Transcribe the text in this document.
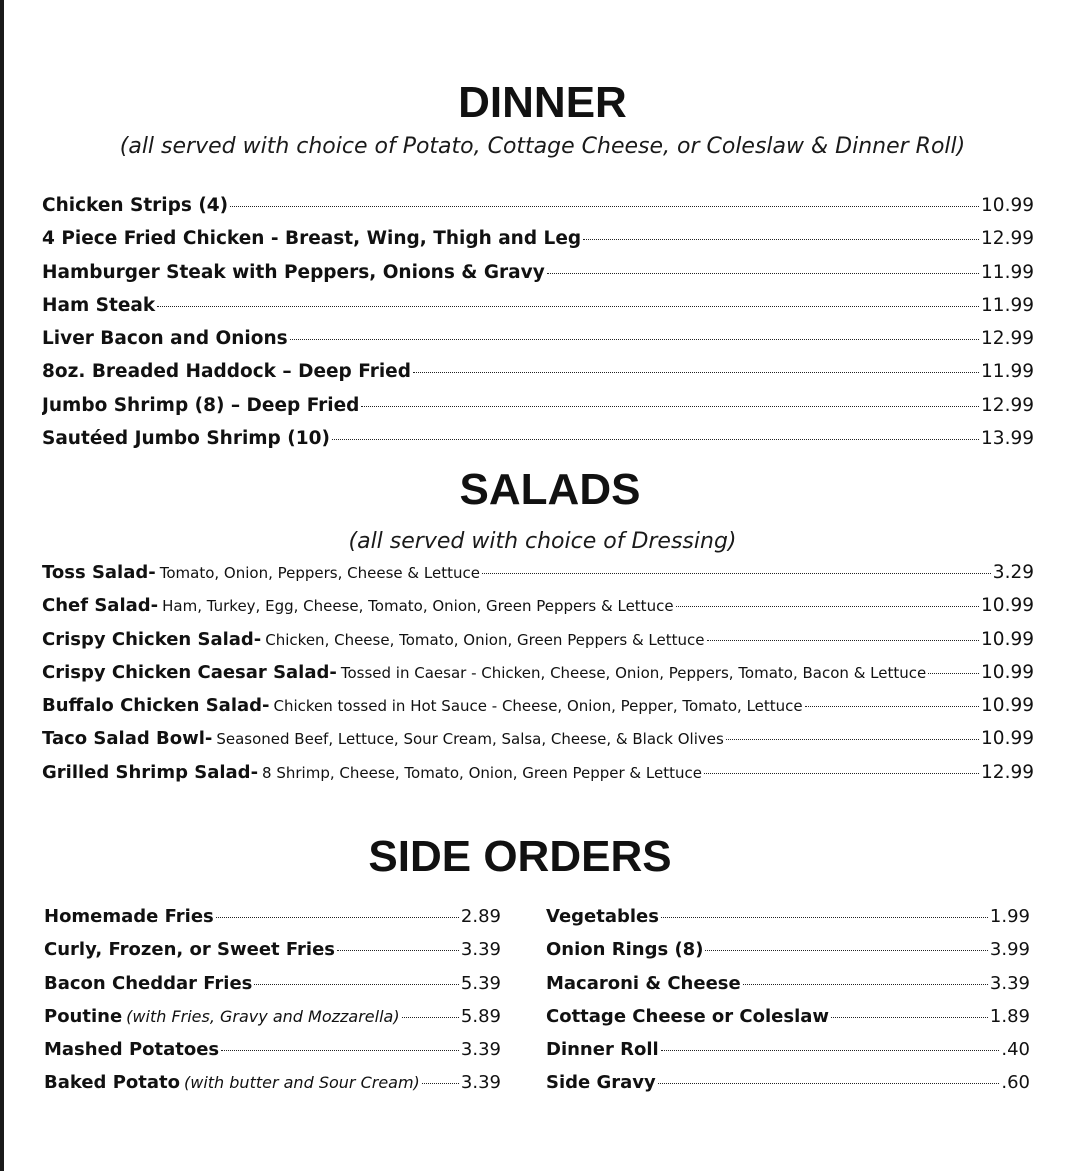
DINNER

(all served with choice of Potato, Cottage Cheese, or Coleslaw & Dinner Roll)

Chicken Strips (4)	10.99
4 Piece Fried Chicken - Breast, Wing, Thigh and Leg	12.99
Hamburger Steak with Peppers, Onions & Gravy	11.99
Ham Steak	11.99
Liver Bacon and Onions	12.99
8oz. Breaded Haddock – Deep Fried	11.99
Jumbo Shrimp (8) – Deep Fried	12.99
Sautéed Jumbo Shrimp (10)	13.99
SALADS

(all served with choice of Dressing)

Toss Salad- Tomato, Onion, Peppers, Cheese & Lettuce	3.29
Chef Salad- Ham, Turkey, Egg, Cheese, Tomato, Onion, Green Peppers & Lettuce	10.99
Crispy Chicken Salad- Chicken, Cheese, Tomato, Onion, Green Peppers & Lettuce	10.99
Crispy Chicken Caesar Salad- Tossed in Caesar - Chicken, Cheese, Onion, Peppers, Tomato, Bacon & Lettuce	10.99
Buffalo Chicken Salad- Chicken tossed in Hot Sauce - Cheese, Onion, Pepper, Tomato, Lettuce	10.99
Taco Salad Bowl- Seasoned Beef, Lettuce, Sour Cream, Salsa, Cheese, & Black Olives	10.99
Grilled Shrimp Salad- 8 Shrimp, Cheese, Tomato, Onion, Green Pepper & Lettuce	12.99
SIDE ORDERS
Homemade Fries	2.89
Curly, Frozen, or Sweet Fries	3.39
Bacon Cheddar Fries	5.39
Poutine (with Fries, Gravy and Mozzarella)	5.89
Mashed Potatoes	3.39
Baked Potato (with butter and Sour Cream) 3.39
Vegetables	1.99
Onion Rings (8)	3.99
Macaroni & Cheese	3.39
Cottage Cheese or Coleslaw	1.89
Dinner Roll	.40
Side Gravy	.60
